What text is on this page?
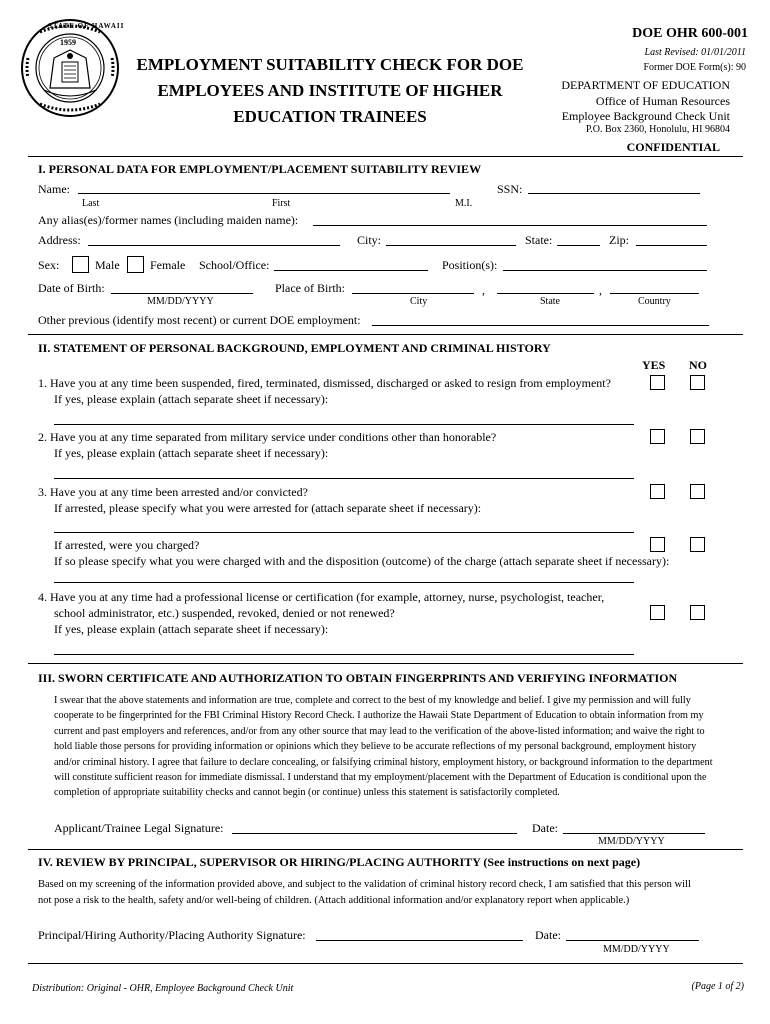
STATE OF HAWAII
1959
EMPLOYMENT SUITABILITY CHECK FOR DOE
EMPLOYEES AND INSTITUTE OF HIGHER
EDUCATION TRAINEES
DOE OHR 600-001
Last Revised: 01/01/2011
Former DOE Form(s): 90
DEPARTMENT OF EDUCATION
Office of Human Resources
Employee Background Check Unit
P.O. Box 2360, Honolulu, HI 96804
CONFIDENTIAL
I. PERSONAL DATA FOR EMPLOYMENT/PLACEMENT SUITABILITY REVIEW
Name:	SSN:
Last	First	M.I.
Any alias(es)/former names (including maiden name):
Address:	City:	State:	Zip:
Sex:	Male	Female School/Office:	Position(s):
Date of Birth:
MM/DD/YYYY
Place of Birth:	,	,
City	State	Country
Other previous (identify most recent) or current DOE employment:
II. STATEMENT OF PERSONAL BACKGROUND, EMPLOYMENT AND CRIMINAL HISTORY
YES NO
1. Have you at any time been suspended, fired, terminated, dismissed, discharged or asked to resign from employment?
If yes, please explain (attach separate sheet if necessary):
2. Have you at any time separated from military service under conditions other than honorable?
If yes, please explain (attach separate sheet if necessary):
3. Have you at any time been arrested and/or convicted?
If arrested, please specify what you were arrested for (attach separate sheet if necessary):
If arrested, were you charged?
If so please specify what you were charged with and the disposition (outcome) of the charge (attach separate sheet if necessary):
4. Have you at any time had a professional license or certification (for example, attorney, nurse, psychologist, teacher,
school administrator, etc.) suspended, revoked, denied or not renewed?
If yes, please explain (attach separate sheet if necessary):
III. SWORN CERTIFICATE AND AUTHORIZATION TO OBTAIN FINGERPRINTS AND VERIFYING INFORMATION
I swear that the above statements and information are true, complete and correct to the best of my knowledge and belief. I give my permission and will fully cooperate to be fingerprinted for the FBI Criminal History Record Check. I authorize the Hawaii State Department of Education to obtain information from my current and past employers and references, and/or from any other source that may lead to the verification of the above-listed information; and waive the right to hold liable those persons for providing information or opinions which they believe to be accurate reflections of my personal background, employment history and/or criminal history. I agree that failure to declare concealing, or falsifying criminal history, employment history, or background information to the department will constitute sufficient reason for immediate dismissal. I understand that my employment/placement with the Department of Education is conditional upon the completion of appropriate suitability checks and cannot begin (or continue) unless this statement is satisfactorily completed.
Applicant/Trainee Legal Signature:	Date:
MM/DD/YYYY
IV. REVIEW BY PRINCIPAL, SUPERVISOR OR HIRING/PLACING AUTHORITY (See instructions on next page)
Based on my screening of the information provided above, and subject to the validation of criminal history record check, I am satisfied that this person will not pose a risk to the health, safety and/or well-being of children. (Attach additional information and/or explanatory report when applicable.)
Principal/Hiring Authority/Placing Authority Signature:	Date:
MM/DD/YYYY
Distribution: Original - OHR, Employee Background Check Unit	(Page 1 of 2)
